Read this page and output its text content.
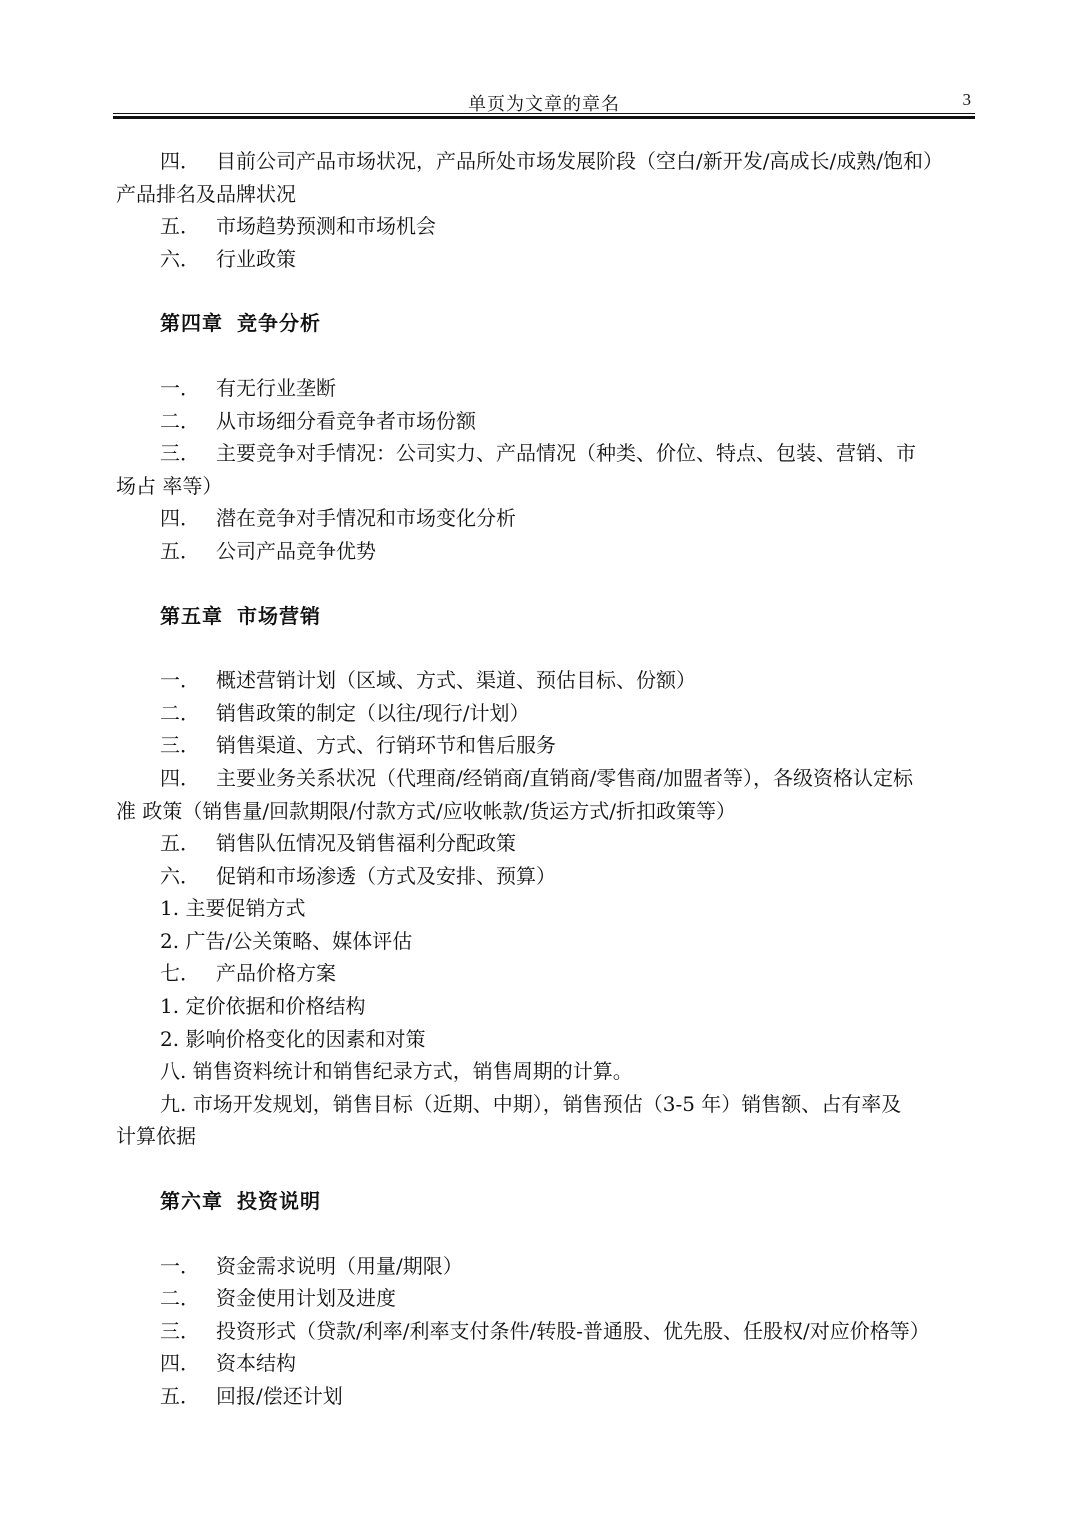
单页为文章的章名	3
四． 目前公司产品市场状况，产品所处市场发展阶段（空白/新开发/高成长/成熟/饱和）
产品排名及品牌状况
五． 市场趋势预测和市场机会
六． 行业政策
第四章 竞争分析
一． 有无行业垄断
二． 从市场细分看竞争者市场份额
三． 主要竞争对手情况：公司实力、产品情况（种类、价位、特点、包装、营销、市
场占 率等）
四． 潜在竞争对手情况和市场变化分析
五． 公司产品竞争优势
第五章 市场营销
一． 概述营销计划（区域、方式、渠道、预估目标、份额）
二． 销售政策的制定（以往/现行/计划）
三． 销售渠道、方式、行销环节和售后服务
四． 主要业务关系状况（代理商/经销商/直销商/零售商/加盟者等），各级资格认定标
准 政策（销售量/回款期限/付款方式/应收帐款/货运方式/折扣政策等）
五． 销售队伍情况及销售福利分配政策
六． 促销和市场渗透（方式及安排、预算）
1. 主要促销方式
2. 广告/公关策略、媒体评估
七． 产品价格方案
1. 定价依据和价格结构
2. 影响价格变化的因素和对策
八. 销售资料统计和销售纪录方式，销售周期的计算。
九. 市场开发规划，销售目标（近期、中期），销售预估（3-5 年）销售额、占有率及
计算依据
第六章 投资说明
一． 资金需求说明（用量/期限）
二． 资金使用计划及进度
三． 投资形式（贷款/利率/利率支付条件/转股-普通股、优先股、任股权/对应价格等）
四． 资本结构
五． 回报/偿还计划
